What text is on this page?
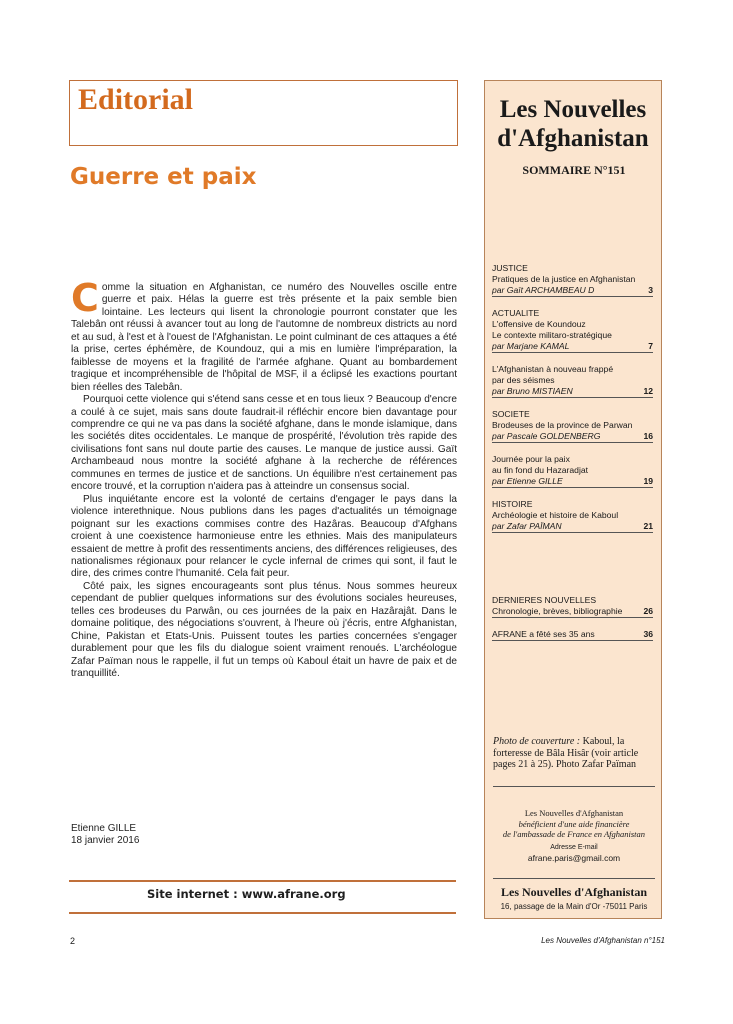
Editorial
Guerre et paix

Comme la situation en Afghanistan, ce numéro des Nouvelles oscille entre guerre et paix. Hélas la guerre est très présente et la paix semble bien lointaine. Les lecteurs qui lisent la chronologie pourront constater que les Talebân ont réussi à avancer tout au long de l'automne de nombreux districts au nord et au sud, à l'est et à l'ouest de l'Afghanistan. Le point culminant de ces attaques a été la prise, certes éphémère, de Koundouz, qui a mis en lumière l'impréparation, la faiblesse de moyens et la fragilité de l'armée afghane. Quant au bombardement tragique et incompréhensible de l'hôpital de MSF, il a éclipsé les exactions pourtant bien réelles des Talebân.

Pourquoi cette violence qui s'étend sans cesse et en tous lieux ? Beaucoup d'encre a coulé à ce sujet, mais sans doute faudrait-il réfléchir encore bien davantage pour comprendre ce qui ne va pas dans la société afghane, dans le monde islamique, dans les sociétés dites occidentales. Le manque de prospérité, l'évolution très rapide des civilisations font sans nul doute partie des causes. Le manque de justice aussi. Gaït Archambeaud nous montre la société afghane à la recherche de références communes en termes de justice et de sanctions. Un équilibre n'est certainement pas encore trouvé, et la corruption n'aidera pas à atteindre un consensus social.

Plus inquiétante encore est la volonté de certains d'engager le pays dans la violence interethnique. Nous publions dans les pages d'actualités un témoignage poignant sur les exactions commises contre des Hazâras. Beaucoup d'Afghans croient à une coexistence harmonieuse entre les ethnies. Mais des manipulateurs essaient de mettre à profit des ressentiments anciens, des différences religieuses, des nationalismes régionaux pour relancer le cycle infernal de crimes qui sont, il faut le dire, des crimes contre l'humanité. Cela fait peur.

Côté paix, les signes encourageants sont plus ténus. Nous sommes heureux cependant de publier quelques informations sur des évolutions sociales heureuses, telles ces brodeuses du Parwân, ou ces journées de la paix en Hazârajât. Dans le domaine politique, des négociations s'ouvrent, à l'heure où j'écris, entre Afghanistan, Chine, Pakistan et Etats-Unis. Puissent toutes les parties concernées s'engager durablement pour que les fils du dialogue soient vraiment renoués. L'archéologue Zafar Païman nous le rappelle, il fut un temps où Kaboul était un havre de paix et de tranquillité.

Etienne GILLE
18 janvier 2016
Site internet : www.afrane.org
2	Les Nouvelles d'Afghanistan n°151
Les Nouvelles
d'Afghanistan
SOMMAIRE N°151
JUSTICE
Pratiques de la justice en Afghanistan
par Gaït ARCHAMBEAU D	3
ACTUALITE
L'offensive de Koundouz
Le contexte militaro-stratégique
par Marjane KAMAL	7
L'Afghanistan à nouveau frappé
par des séismes
par Bruno MISTIAEN	12
SOCIETE
Brodeuses de la province de Parwan
par Pascale GOLDENBERG	16
Journée pour la paix
au fin fond du Hazaradjat
par Etienne GILLE	19
HISTOIRE
Archéologie et histoire de Kaboul
par Zafar PAÏMAN	21
DERNIERES NOUVELLES
Chronologie, brèves, bibliographie 26
AFRANE a fêté ses 35 ans	36
Photo de couverture : Kaboul, la forteresse de Bâla Hisâr (voir article pages 21 à 25). Photo Zafar Païman
Les Nouvelles d'Afghanistan
bénéficient d'une aide financière
de l'ambassade de France en Afghanistan
Adresse E-mail
afrane.paris@gmail.com
Les Nouvelles d'Afghanistan
16, passage de la Main d'Or -75011 Paris
